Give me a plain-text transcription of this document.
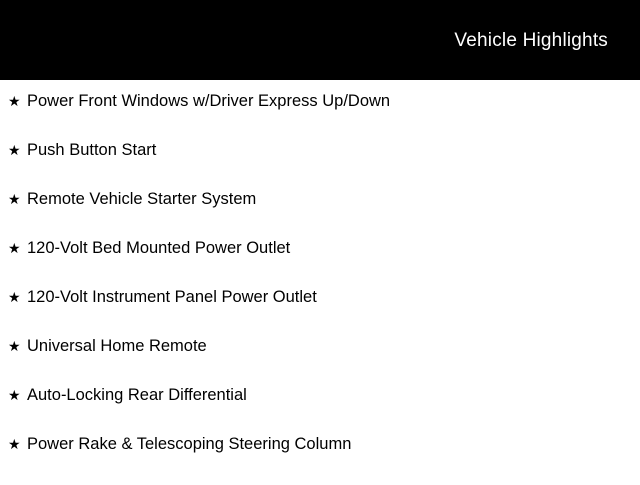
Vehicle Highlights
★ Power Front Windows w/Driver Express Up/Down
★ Push Button Start
★ Remote Vehicle Starter System
★ 120-Volt Bed Mounted Power Outlet
★ 120-Volt Instrument Panel Power Outlet
★ Universal Home Remote
★ Auto-Locking Rear Differential
★ Power Rake & Telescoping Steering Column
